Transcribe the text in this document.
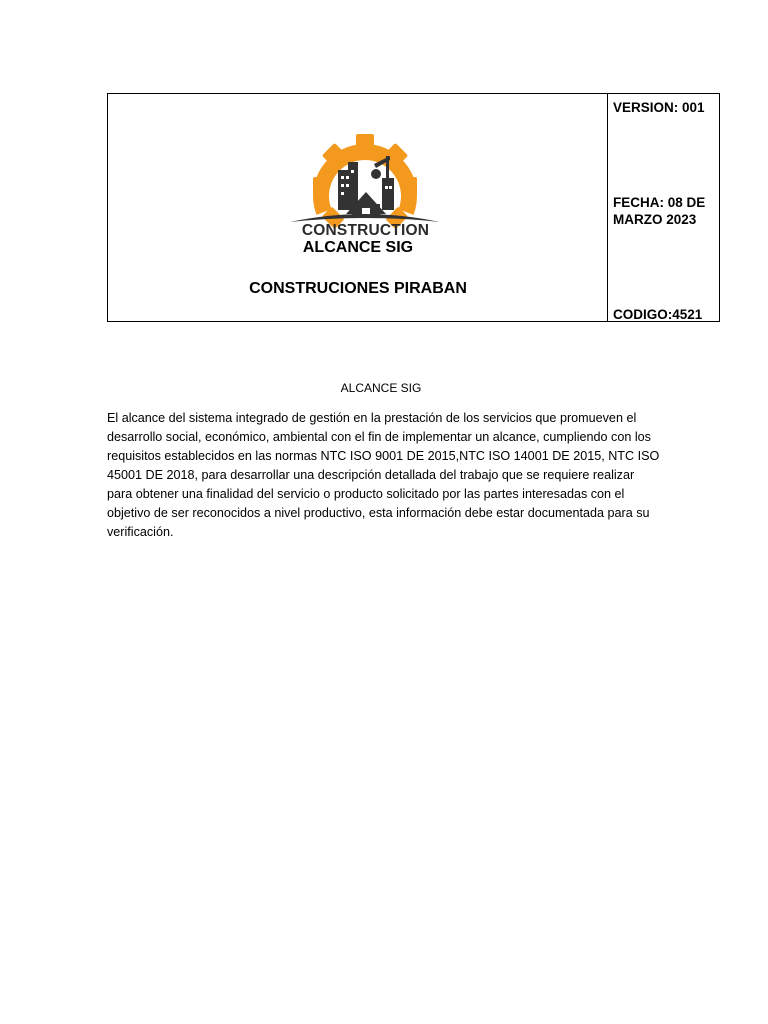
CONSTRUCTION
ALCANCE SIG
CONSTRUCIONES PIRABAN
VERSION: 001
FECHA: 08 DE MARZO 2023
CODIGO:4521
ALCANCE SIG
El alcance del sistema integrado de gestión en la prestación de los servicios que promueven el desarrollo social, económico, ambiental con el fin de implementar un alcance, cumpliendo con los requisitos establecidos en las normas NTC ISO 9001 DE 2015,NTC ISO 14001 DE 2015, NTC ISO 45001 DE 2018, para desarrollar una descripción detallada del trabajo que se requiere realizar para obtener una finalidad del servicio o producto solicitado por las partes interesadas con el objetivo de ser reconocidos a nivel productivo, esta información debe estar documentada para su verificación.
